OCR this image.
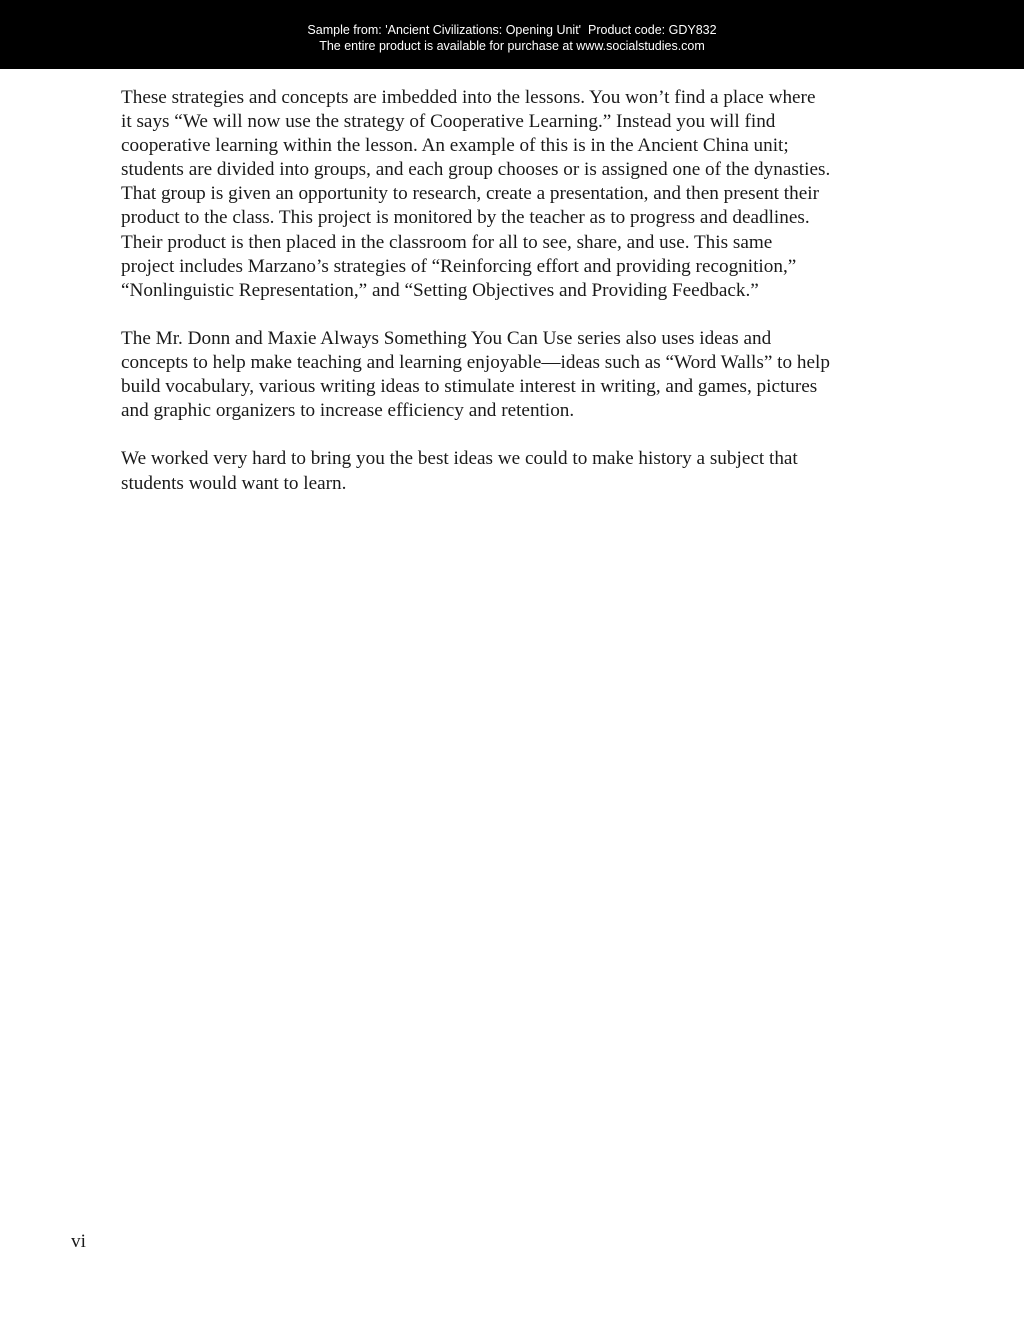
Sample from: 'Ancient Civilizations: Opening Unit'  Product code: GDY832
The entire product is available for purchase at www.socialstudies.com

These strategies and concepts are imbedded into the lessons. You won’t find a place where
it says “We will now use the strategy of Cooperative Learning.” Instead you will find
cooperative learning within the lesson. An example of this is in the Ancient China unit;
students are divided into groups, and each group chooses or is assigned one of the dynasties.
That group is given an opportunity to research, create a presentation, and then present their
product to the class. This project is monitored by the teacher as to progress and deadlines.
Their product is then placed in the classroom for all to see, share, and use. This same
project includes Marzano’s strategies of “Reinforcing effort and providing recognition,”
“Nonlinguistic Representation,” and “Setting Objectives and Providing Feedback.”

The Mr. Donn and Maxie Always Something You Can Use series also uses ideas and
concepts to help make teaching and learning enjoyable—ideas such as “Word Walls” to help
build vocabulary, various writing ideas to stimulate interest in writing, and games, pictures
and graphic organizers to increase efficiency and retention.

We worked very hard to bring you the best ideas we could to make history a subject that
students would want to learn.

vi
